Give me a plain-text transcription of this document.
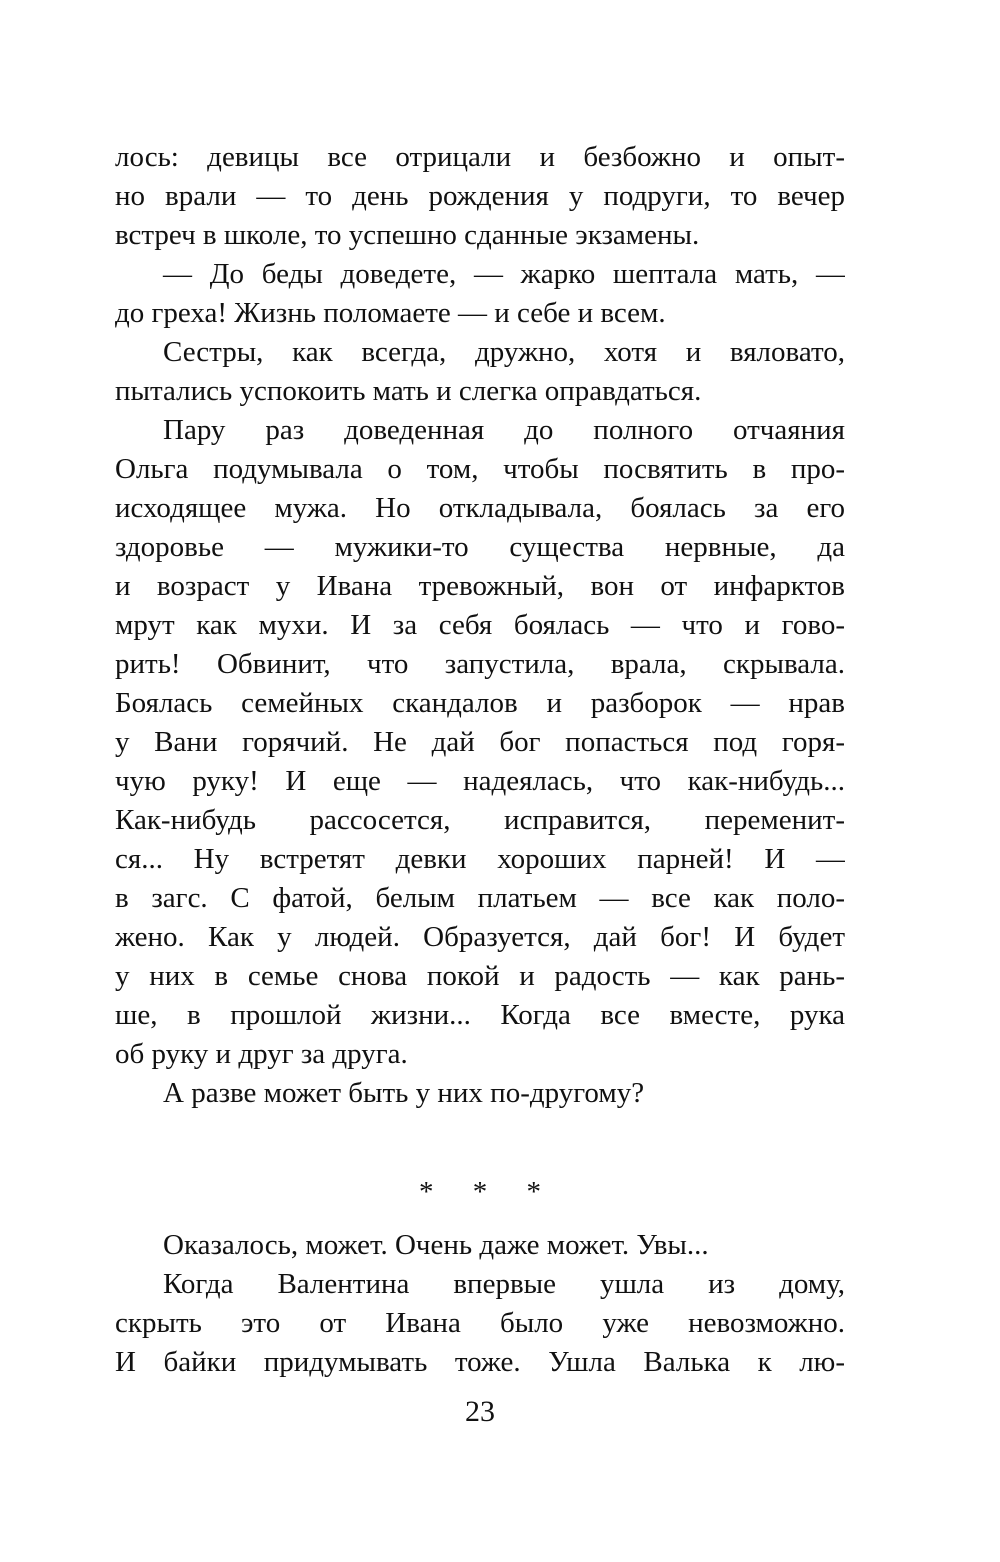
лось: девицы все отрицали и безбожно и опыт-
но врали — то день рождения у подруги, то вечер
встреч в школе, то успешно сданные экзамены.
— До беды доведете, — жарко шептала мать, —
до греха! Жизнь поломаете — и себе и всем.
Сестры, как всегда, дружно, хотя и вяловато,
пытались успокоить мать и слегка оправдаться.
Пару раз доведенная до полного отчаяния
Ольга подумывала о том, чтобы посвятить в про-
исходящее мужа. Но откладывала, боялась за его
здоровье — мужики-то существа нервные, да
и возраст у Ивана тревожный, вон от инфарктов
мрут как мухи. И за себя боялась — что и гово-
рить! Обвинит, что запустила, врала, скрывала.
Боялась семейных скандалов и разборок — нрав
у Вани горячий. Не дай бог попасться под горя-
чую руку! И еще — надеялась, что как-нибудь...
Как-нибудь рассосется, исправится, переменит-
ся... Ну встретят девки хороших парней! И —
в загс. С фатой, белым платьем — все как поло-
жено. Как у людей. Образуется, дай бог! И будет
у них в семье снова покой и радость — как рань-
ше, в прошлой жизни... Когда все вместе, рука
об руку и друг за друга.
А разве может быть у них по-другому?
* * *
Оказалось, может. Очень даже может. Увы...
Когда Валентина впервые ушла из дому,
скрыть это от Ивана было уже невозможно.
И байки придумывать тоже. Ушла Валька к лю-
23
